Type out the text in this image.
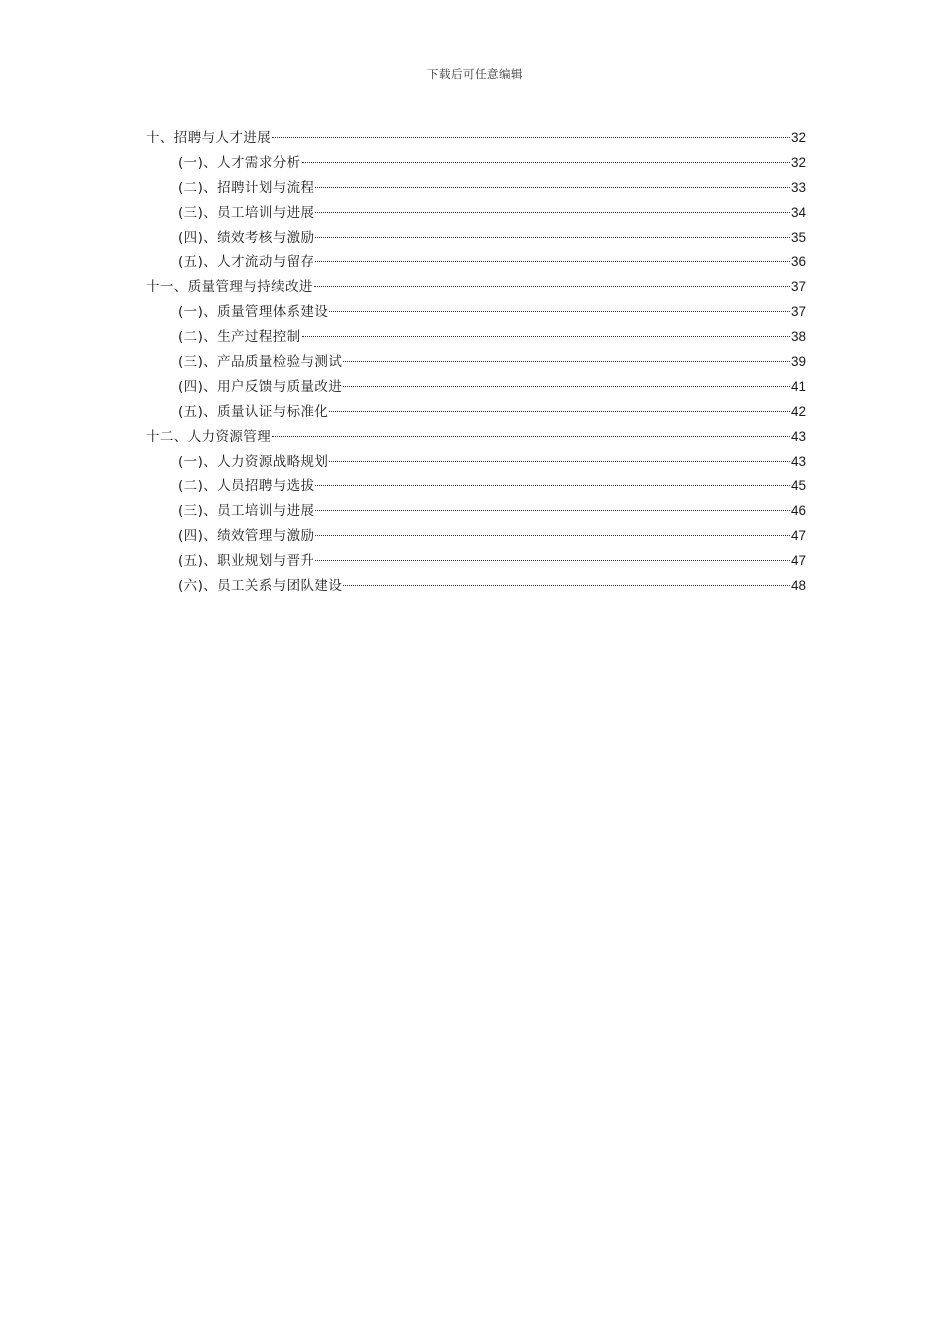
下载后可任意编辑
十、招聘与人才进展	32
(一)、人才需求分析	32
(二)、招聘计划与流程	33
(三)、员工培训与进展	34
(四)、绩效考核与激励	35
(五)、人才流动与留存	36
十一、质量管理与持续改进	37
(一)、质量管理体系建设	37
(二)、生产过程控制	38
(三)、产品质量检验与测试	39
(四)、用户反馈与质量改进	41
(五)、质量认证与标准化	42
十二、人力资源管理	43
(一)、人力资源战略规划	43
(二)、人员招聘与选拔	45
(三)、员工培训与进展	46
(四)、绩效管理与激励	47
(五)、职业规划与晋升	47
(六)、员工关系与团队建设	48
